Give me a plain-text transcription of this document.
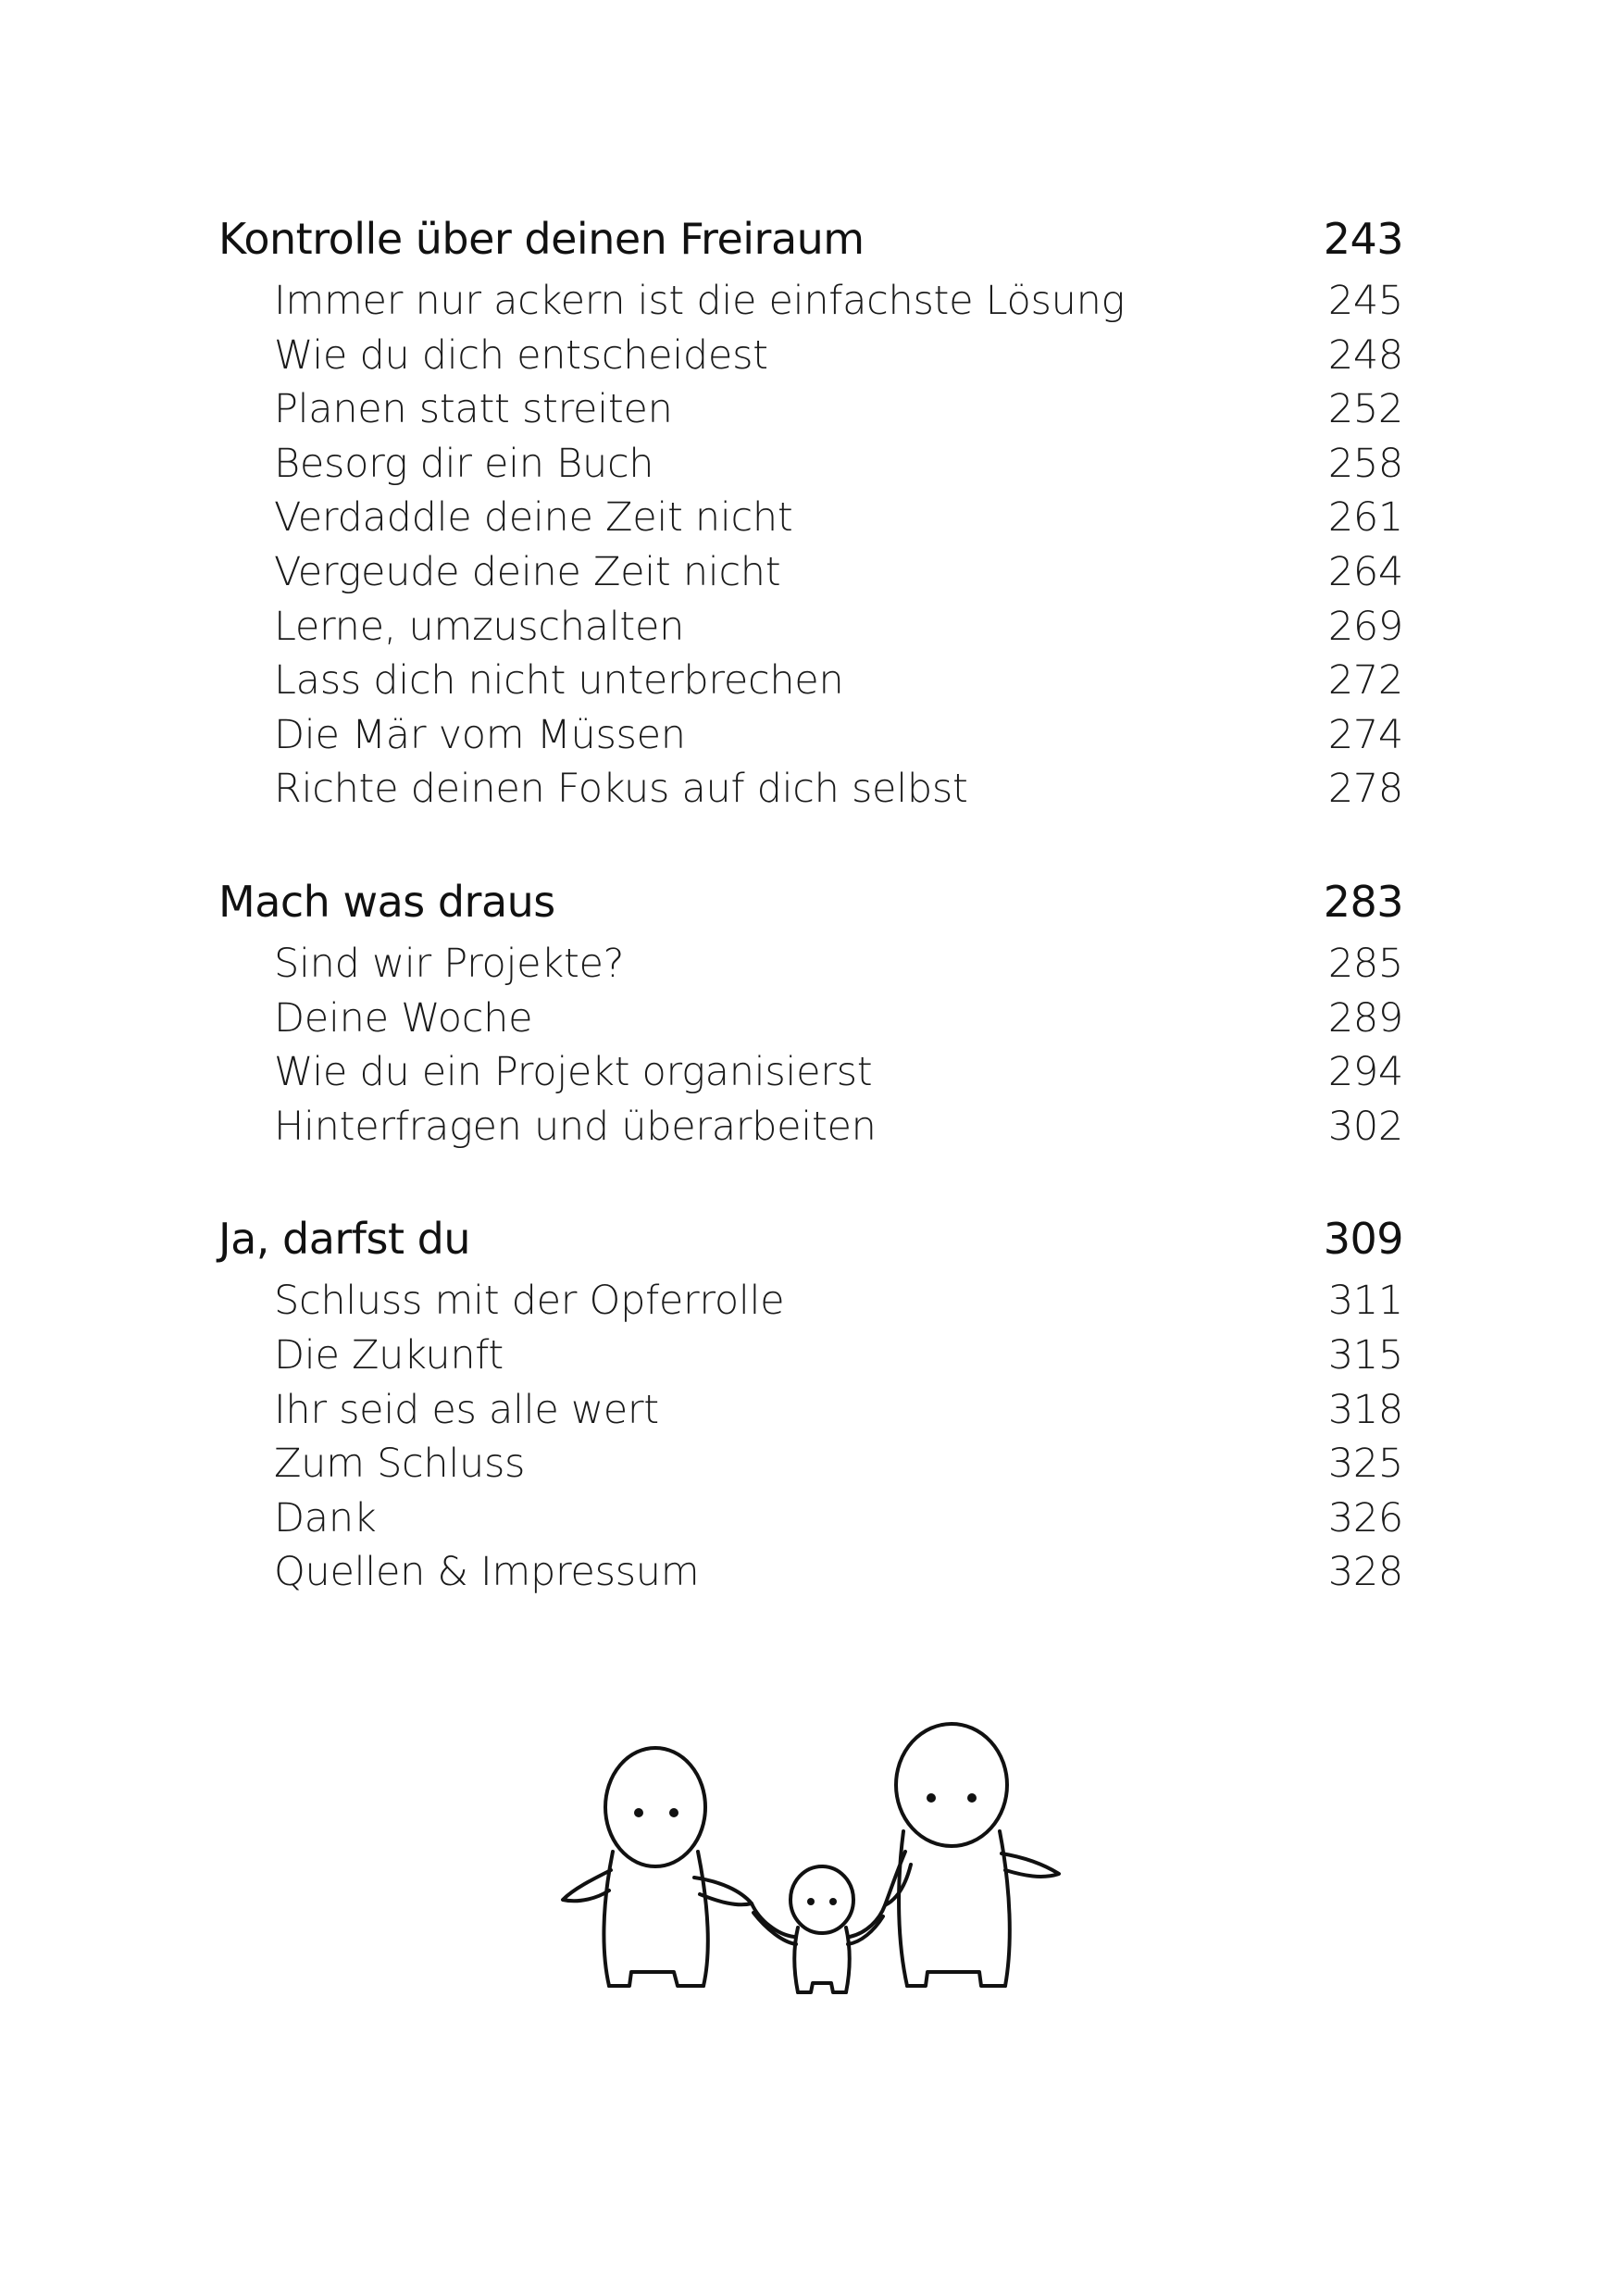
Kontrolle über deinen Freiraum	243
Immer nur ackern ist die einfachste Lösung	245
Wie du dich entscheidest	248
Planen statt streiten	252
Besorg dir ein Buch	258
Verdaddle deine Zeit nicht	261
Vergeude deine Zeit nicht	264
Lerne, umzuschalten	269
Lass dich nicht unterbrechen	272
Die Mär vom Müssen	274
Richte deinen Fokus auf dich selbst	278
Mach was draus	283
Sind wir Projekte?	285
Deine Woche	289
Wie du ein Projekt organisierst	294
Hinterfragen und überarbeiten	302
Ja, darfst du	309
Schluss mit der Opferrolle	311
Die Zukunft	315
Ihr seid es alle wert	318
Zum Schluss	325
Dank	326
Quellen & Impressum	328
